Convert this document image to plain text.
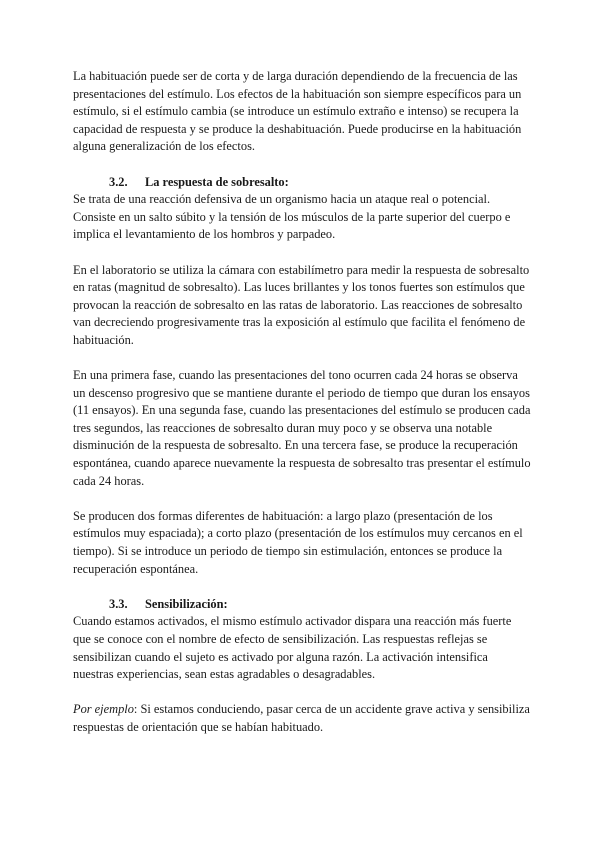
La habituación puede ser de corta y de larga duración dependiendo de la frecuencia de las presentaciones del estímulo. Los efectos de la habituación son siempre específicos para un estímulo, si el estímulo cambia (se introduce un estímulo extraño e intenso) se recupera la capacidad de respuesta y se produce la deshabituación. Puede producirse en la habituación alguna generalización de los efectos.

3.2. La respuesta de sobresalto:

Se trata de una reacción defensiva de un organismo hacia un ataque real o potencial. Consiste en un salto súbito y la tensión de los músculos de la parte superior del cuerpo e implica el levantamiento de los hombros y parpadeo.

En el laboratorio se utiliza la cámara con estabilímetro para medir la respuesta de sobresalto en ratas (magnitud de sobresalto). Las luces brillantes y los tonos fuertes son estímulos que provocan la reacción de sobresalto en las ratas de laboratorio. Las reacciones de sobresalto van decreciendo progresivamente tras la exposición al estímulo que facilita el fenómeno de habituación.

En una primera fase, cuando las presentaciones del tono ocurren cada 24 horas se observa un descenso progresivo que se mantiene durante el periodo de tiempo que duran los ensayos (11 ensayos). En una segunda fase, cuando las presentaciones del estímulo se producen cada tres segundos, las reacciones de sobresalto duran muy poco y se observa una notable disminución de la respuesta de sobresalto. En una tercera fase, se produce la recuperación espontánea, cuando aparece nuevamente la respuesta de sobresalto tras presentar el estímulo cada 24 horas.

Se producen dos formas diferentes de habituación: a largo plazo (presentación de los estímulos muy espaciada); a corto plazo (presentación de los estímulos muy cercanos en el tiempo). Si se introduce un periodo de tiempo sin estimulación, entonces se produce la recuperación espontánea.

3.3. Sensibilización:

Cuando estamos activados, el mismo estímulo activador dispara una reacción más fuerte que se conoce con el nombre de efecto de sensibilización. Las respuestas reflejas se sensibilizan cuando el sujeto es activado por alguna razón. La activación intensifica nuestras experiencias, sean estas agradables o desagradables.

Por ejemplo: Si estamos conduciendo, pasar cerca de un accidente grave activa y sensibiliza respuestas de orientación que se habían habituado.
